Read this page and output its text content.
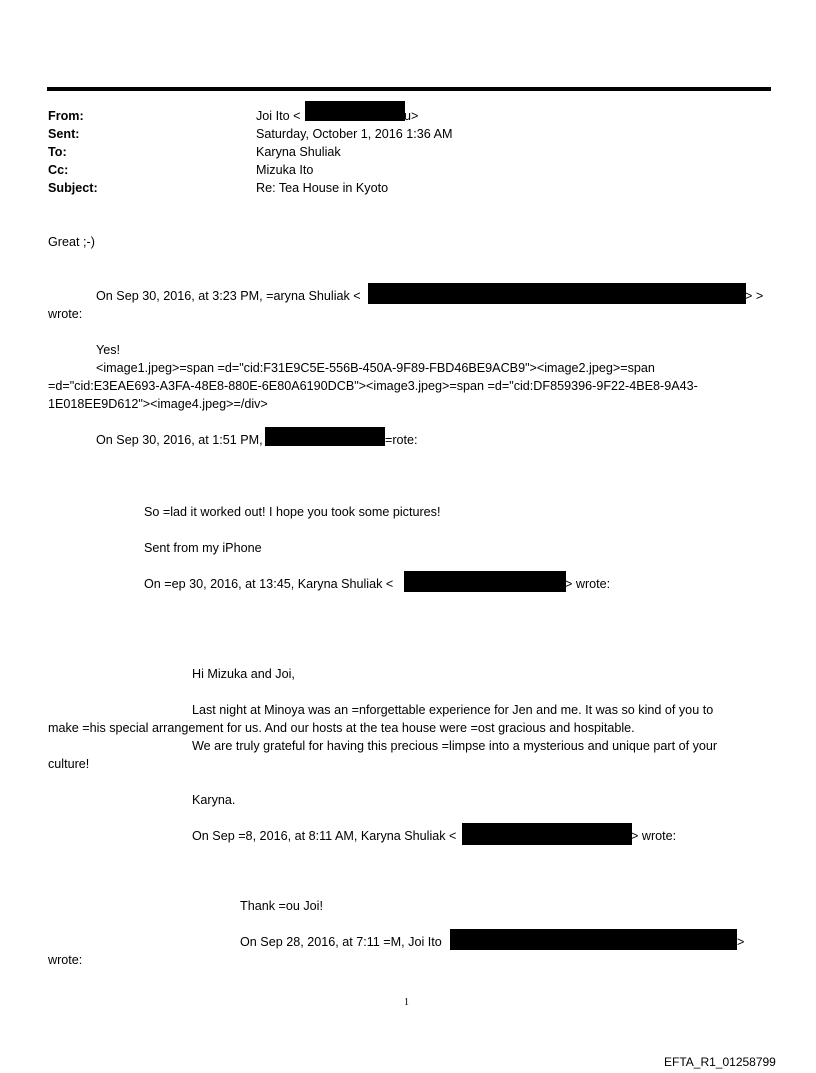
From:	Joi Ito <	u>
Sent:	Saturday, October 1, 2016 1:36 AM
To:	Karyna Shuliak
Cc:	Mizuka Ito
Subject:	Re: Tea House in Kyoto
Great ;-)
On Sep 30, 2016, at 3:23 PM, =aryna Shuliak <	> >
wrote:
Yes!
<image1.jpeg>=span =d="cid:F31E9C5E-556B-450A-9F89-FBD46BE9ACB9"><image2.jpeg>=span
=d="cid:E3EAE693-A3FA-48E8-880E-6E80A6190DCB"><image3.jpeg>=span =d="cid:DF859396-9F22-4BE8-9A43-
1E018EE9D612"><image4.jpeg>=/div>
On Sep 30, 2016, at 1:51 PM,	=rote:
So =lad it worked out! I hope you took some pictures!
Sent from my iPhone
On =ep 30, 2016, at 13:45, Karyna Shuliak <	> wrote:
Hi Mizuka and Joi,
Last night at Minoya was an =nforgettable experience for Jen and me. It was so kind of you to
make =his special arrangement for us. And our hosts at the tea house were =ost gracious and hospitable.
We are truly grateful for having this precious =limpse into a mysterious and unique part of your
culture!
Karyna.
On Sep =8, 2016, at 8:11 AM, Karyna Shuliak <	> wrote:
Thank =ou Joi!
On Sep 28, 2016, at 7:11 =M, Joi Ito	>
wrote:
1
EFTA_R1_01258799
